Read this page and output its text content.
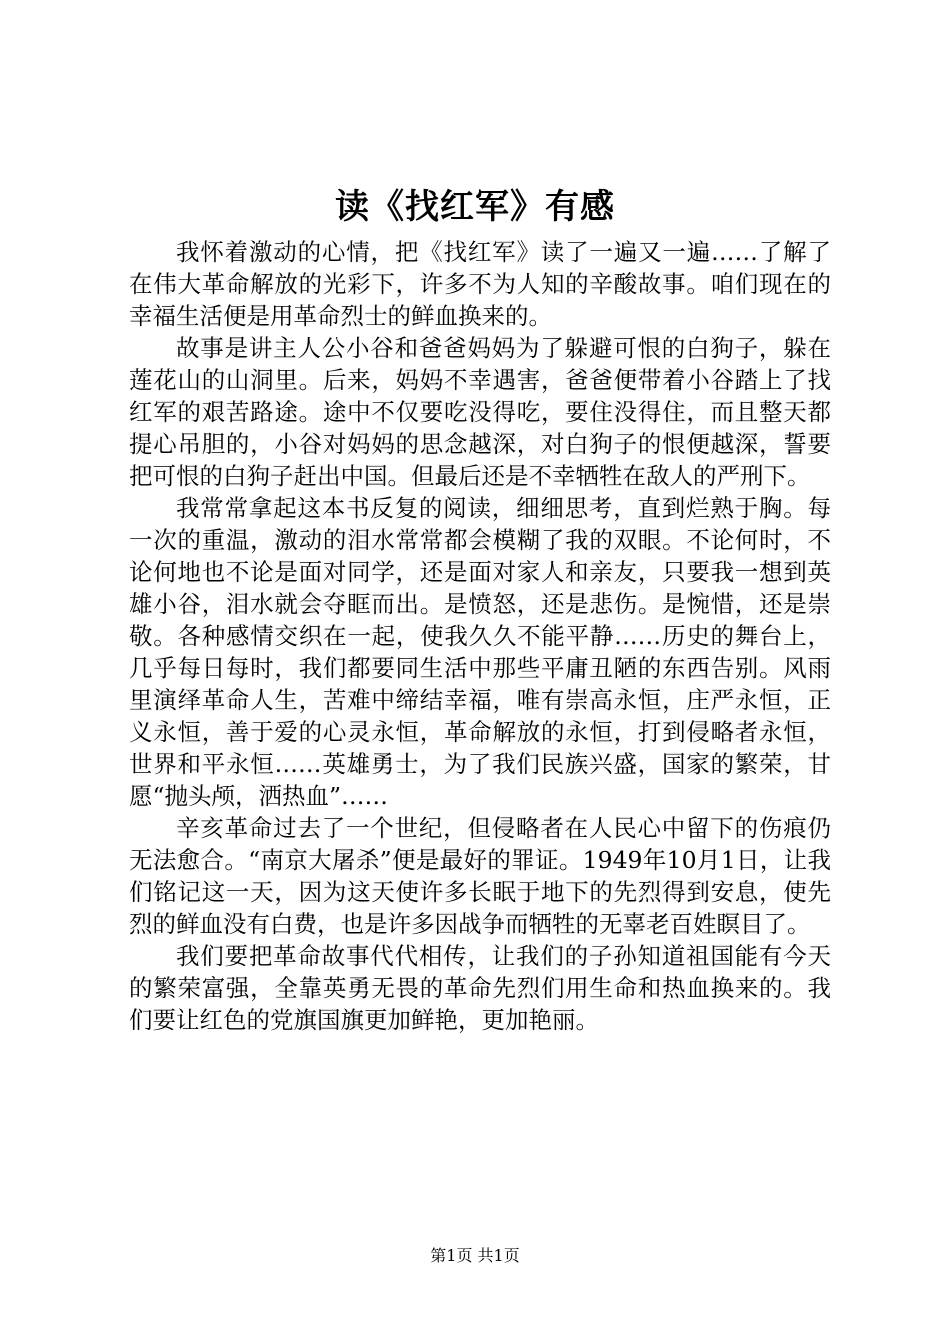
读《找红军》有感

我怀着激动的心情，把《找红军》读了一遍又一遍……了解了在伟大革命解放的光彩下，许多不为人知的辛酸故事。咱们现在的幸福生活便是用革命烈士的鲜血换来的。

故事是讲主人公小谷和爸爸妈妈为了躲避可恨的白狗子，躲在莲花山的山洞里。后来，妈妈不幸遇害，爸爸便带着小谷踏上了找红军的艰苦路途。途中不仅要吃没得吃，要住没得住，而且整天都提心吊胆的，小谷对妈妈的思念越深，对白狗子的恨便越深，誓要把可恨的白狗子赶出中国。但最后还是不幸牺牲在敌人的严刑下。

我常常拿起这本书反复的阅读，细细思考，直到烂熟于胸。每一次的重温，激动的泪水常常都会模糊了我的双眼。不论何时，不论何地也不论是面对同学，还是面对家人和亲友，只要我一想到英雄小谷，泪水就会夺眶而出。是愤怒，还是悲伤。是惋惜，还是崇敬。各种感情交织在一起，使我久久不能平静……历史的舞台上，几乎每日每时，我们都要同生活中那些平庸丑陋的东西告别。风雨里演绎革命人生，苦难中缔结幸福，唯有崇高永恒，庄严永恒，正义永恒，善于爱的心灵永恒，革命解放的永恒，打到侵略者永恒，世界和平永恒……英雄勇士，为了我们民族兴盛，国家的繁荣，甘愿“抛头颅，洒热血”……

辛亥革命过去了一个世纪，但侵略者在人民心中留下的伤痕仍无法愈合。“南京大屠杀”便是最好的罪证。1949年10月1日，让我们铭记这一天，因为这天使许多长眠于地下的先烈得到安息，使先烈的鲜血没有白费，也是许多因战争而牺牲的无辜老百姓瞑目了。

我们要把革命故事代代相传，让我们的子孙知道祖国能有今天的繁荣富强，全靠英勇无畏的革命先烈们用生命和热血换来的。我们要让红色的党旗国旗更加鲜艳，更加艳丽。

第1页 共1页
